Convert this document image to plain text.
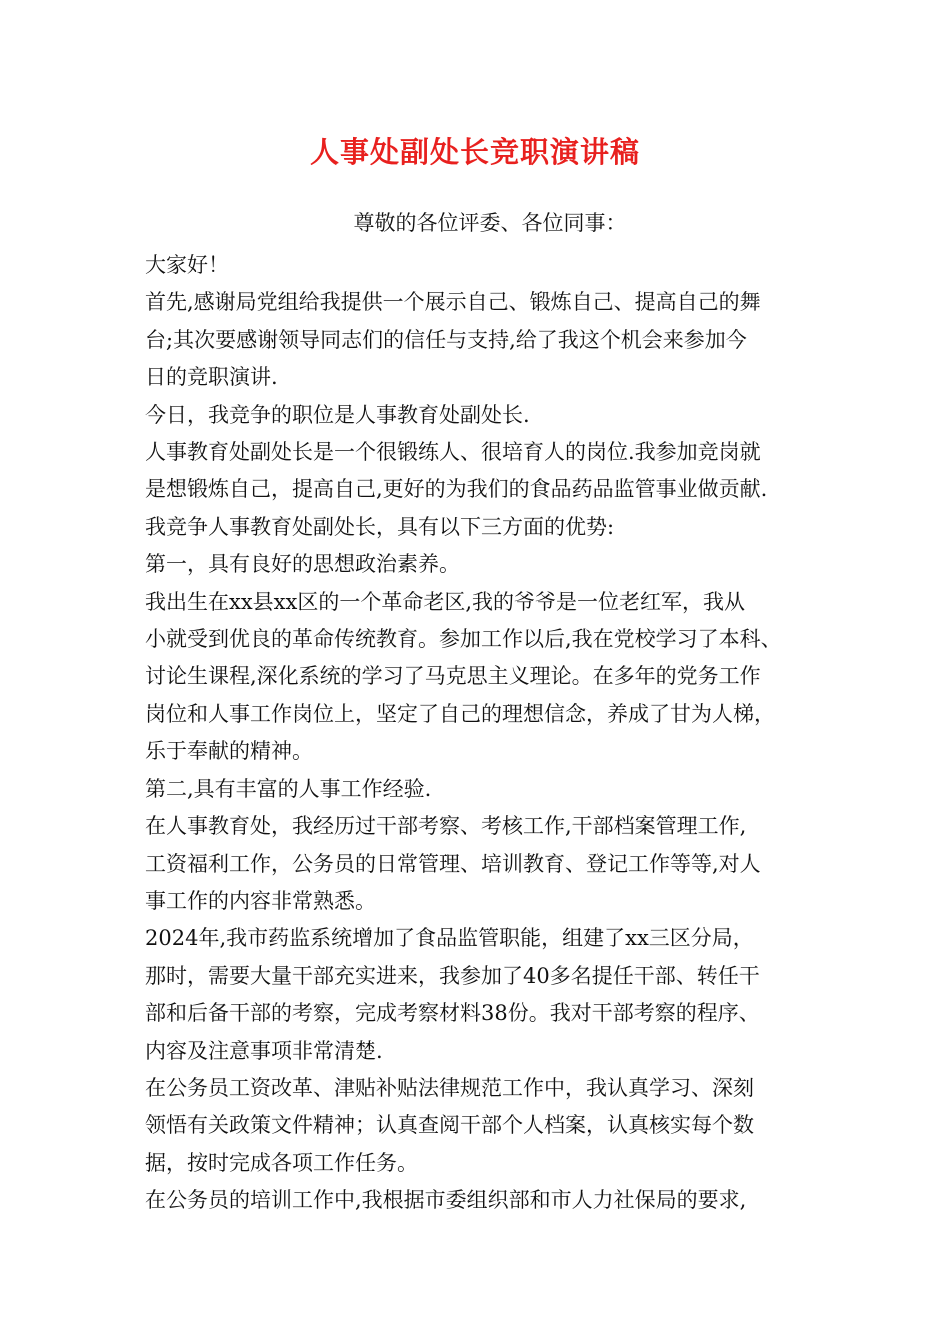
人事处副处长竞职演讲稿
尊敬的各位评委、各位同事：
大家好！
首先,感谢局党组给我提供一个展示自己、锻炼自己、提高自己的舞
台;其次要感谢领导同志们的信任与支持,给了我这个机会来参加今
日的竞职演讲.
今日，我竞争的职位是人事教育处副处长.
人事教育处副处长是一个很锻练人、很培育人的岗位.我参加竞岗就
是想锻炼自己，提高自己,更好的为我们的食品药品监管事业做贡献.
我竞争人事教育处副处长，具有以下三方面的优势:
第一，具有良好的思想政治素养。
我出生在xx县xx区的一个革命老区,我的爷爷是一位老红军，我从
小就受到优良的革命传统教育。参加工作以后,我在党校学习了本科、
讨论生课程,深化系统的学习了马克思主义理论。在多年的党务工作
岗位和人事工作岗位上，坚定了自己的理想信念，养成了甘为人梯，
乐于奉献的精神。
第二,具有丰富的人事工作经验.
在人事教育处，我经历过干部考察、考核工作,干部档案管理工作,
工资福利工作，公务员的日常管理、培训教育、登记工作等等,对人
事工作的内容非常熟悉。
2024年,我市药监系统增加了食品监管职能，组建了xx三区分局，
那时，需要大量干部充实进来，我参加了40多名提任干部、转任干
部和后备干部的考察，完成考察材料38份。我对干部考察的程序、
内容及注意事项非常清楚.
在公务员工资改革、津贴补贴法律规范工作中，我认真学习、深刻
领悟有关政策文件精神；认真查阅干部个人档案，认真核实每个数
据，按时完成各项工作任务。
在公务员的培训工作中,我根据市委组织部和市人力社保局的要求,
